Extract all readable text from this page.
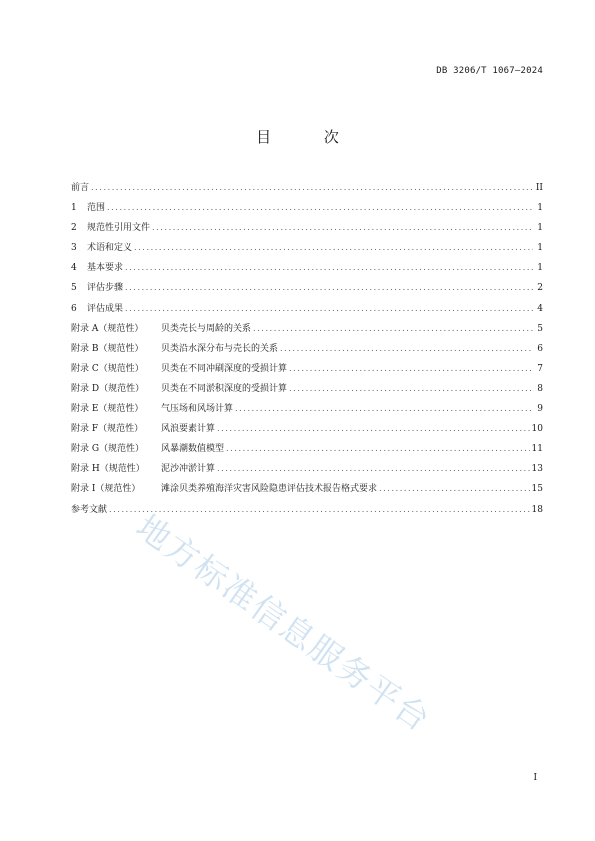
DB 3206/T 1067—2024
目 次
前言 .....	II
1 范围 .....	1
2 规范性引用文件 .....	1
3 术语和定义 .....	1
4 基本要求 .....	1
5 评估步骤 .....	2
6 评估成果 .....	4
附录 A（规范性） 贝类壳长与周龄的关系 .....	5
附录 B（规范性） 贝类沿水深分布与壳长的关系 .....	6
附录 C（规范性） 贝类在不同冲刷深度的受损计算 .....	7
附录 D（规范性） 贝类在不同淤积深度的受损计算 .....	8
附录 E（规范性） 气压场和风场计算 .....	9
附录 F（规范性） 风浪要素计算 .....	10
附录 G（规范性） 风暴潮数值模型 .....	11
附录 H（规范性） 泥沙冲淤计算 .....	13
附录 I（规范性） 滩涂贝类养殖海洋灾害风险隐患评估技术报告格式要求 .....	15
参考文献 .....	18
地方标准信息服务平台
I
